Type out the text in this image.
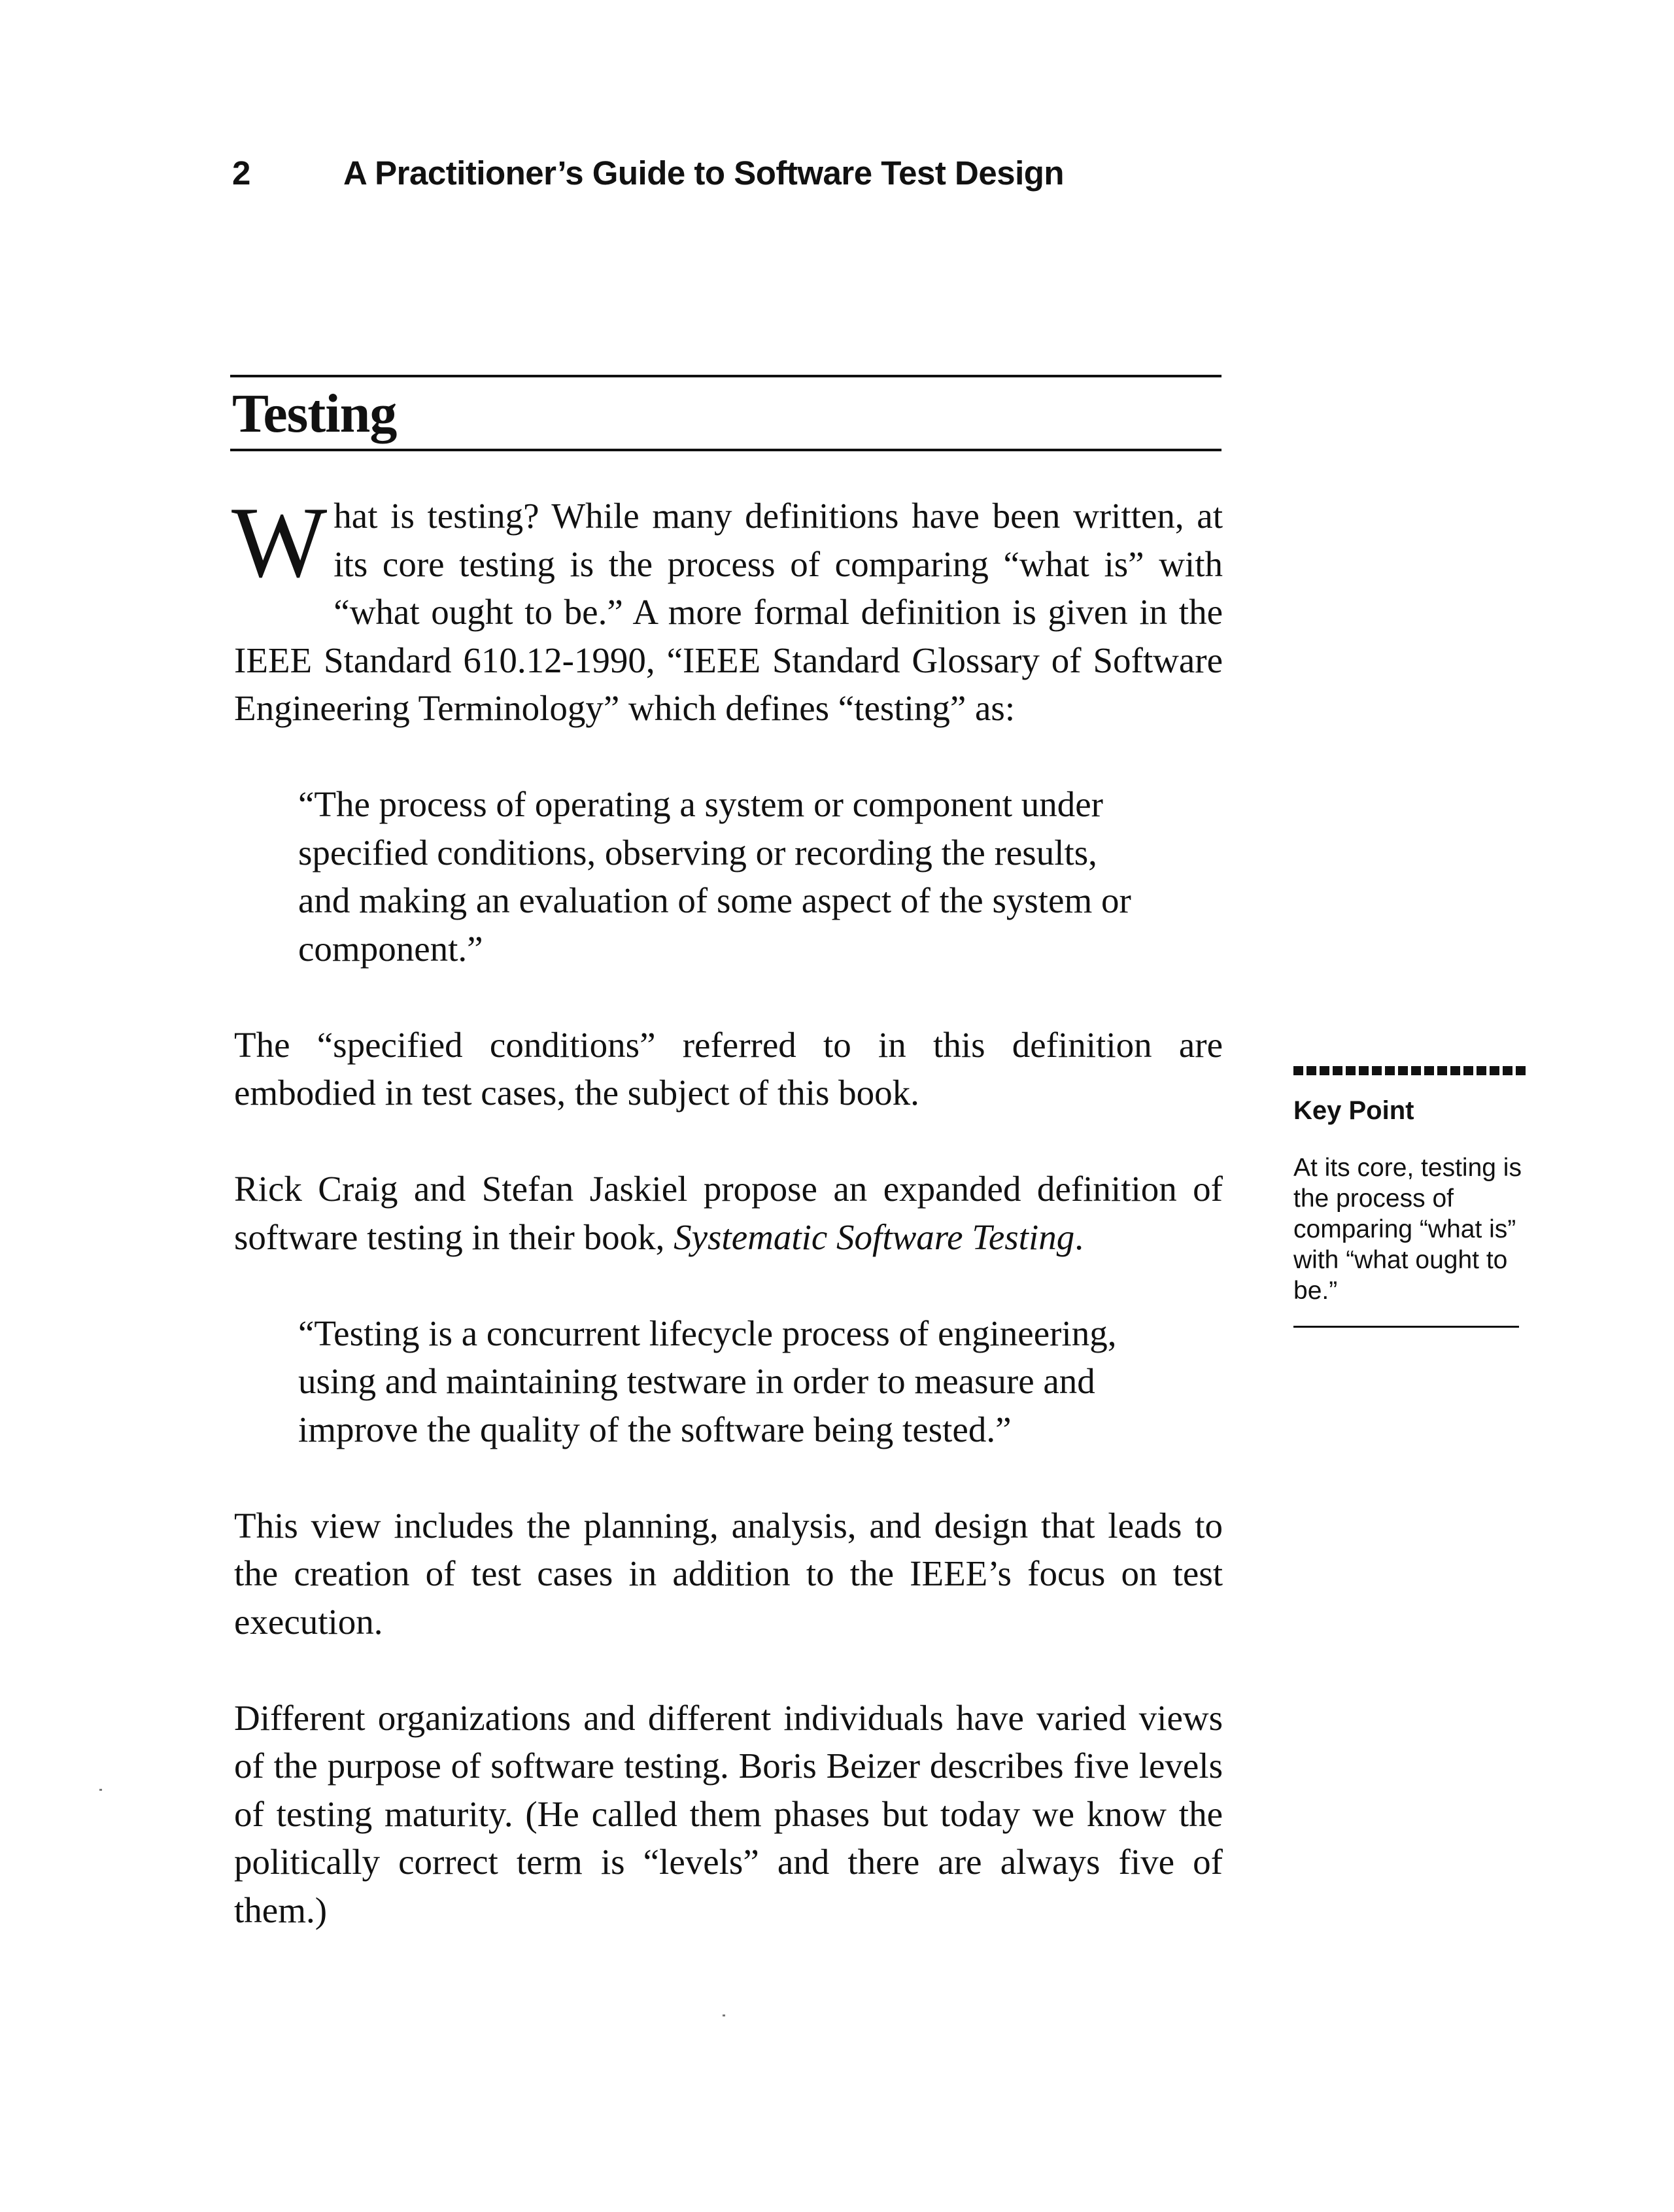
2	A Practitioner’s Guide to Software Test Design
Testing

What is testing? While many definitions have been written, at its core testing is the process of comparing “what is” with “what ought to be.” A more formal definition is given in the IEEE Standard 610.12-1990, “IEEE Standard Glossary of Software Engineering Terminology” which defines “testing” as:

“The process of operating a system or component under specified conditions, observing or recording the results, and making an evaluation of some aspect of the system or component.”

The “specified conditions” referred to in this definition are embodied in test cases, the subject of this book.

Rick Craig and Stefan Jaskiel propose an expanded definition of software testing in their book, Systematic Software Testing.

“Testing is a concurrent lifecycle process of engineering, using and maintaining testware in order to measure and improve the quality of the software being tested.”

This view includes the planning, analysis, and design that leads to the creation of test cases in addition to the IEEE’s focus on test execution.

Different organizations and different individuals have varied views of the purpose of software testing. Boris Beizer describes five levels of testing maturity. (He called them phases but today we know the politically correct term is “levels” and there are always five of them.)

Key Point
At its core, testing is the process of comparing “what is” with “what ought to be.”
